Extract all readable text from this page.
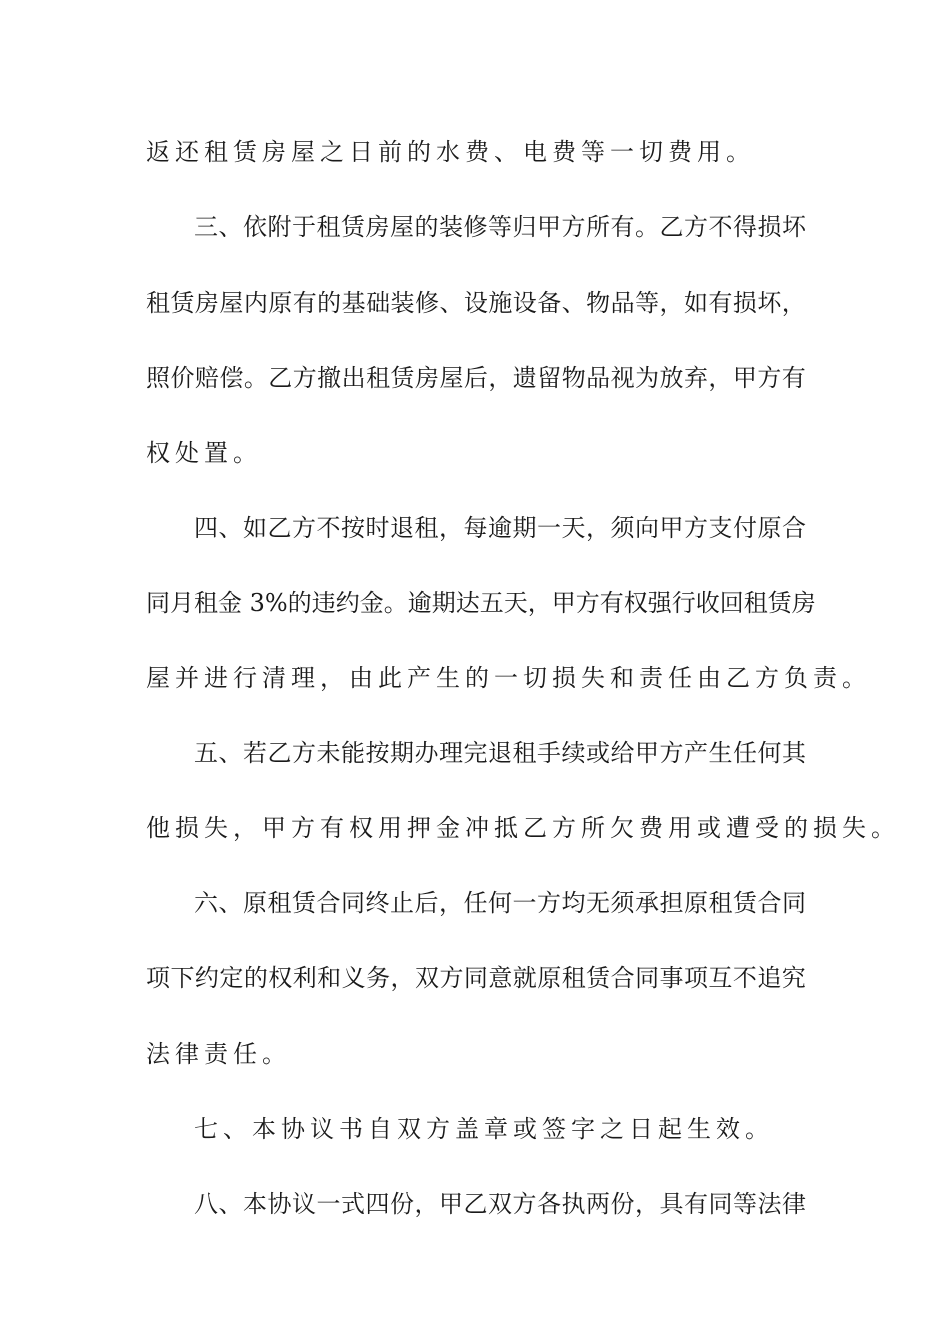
返还租赁房屋之日前的水费、电费等一切费用。
三 、 依 附 于 租 赁 房 屋 的 装 修 等 归 甲 方 所 有 。 乙 方 不 得 损 坏
租 赁 房 屋 内 原 有 的 基 础 装 修 、 设 施 设 备 、 物 品 等 ， 如 有 损 坏 ，
照 价 赔 偿 。 乙 方 撤 出 租 赁 房 屋 后 ， 遗 留 物 品 视 为 放 弃 ， 甲 方 有
权处置。
四 、 如 乙 方 不 按 时 退 租 ， 每 逾 期 一 天 ， 须 向 甲 方 支 付 原 合
同 月 租 金
3 % 的 违 约 金 。 逾 期 达 五 天 ， 甲 方 有 权 强 行 收 回 租 赁 房
屋并进行清理，由此产生的一切损失和责任由乙方负责。
五 、 若 乙 方 未 能 按 期 办 理 完 退 租 手 续 或 给 甲 方 产 生 任 何 其
他损失，甲方有权用押金冲抵乙方所欠费用或遭受的损失。
六 、 原 租 赁 合 同 终 止 后 ， 任 何 一 方 均 无 须 承 担 原 租 赁 合 同
项 下 约 定 的 权 利 和 义 务 ， 双 方 同 意 就 原 租 赁 合 同 事 项 互 不 追 究
法律责任。
七、本协议书自双方盖章或签字之日起生效。
八 、 本 协 议 一 式 四 份 ， 甲 乙 双 方 各 执 两 份 ， 具 有 同 等 法 律
